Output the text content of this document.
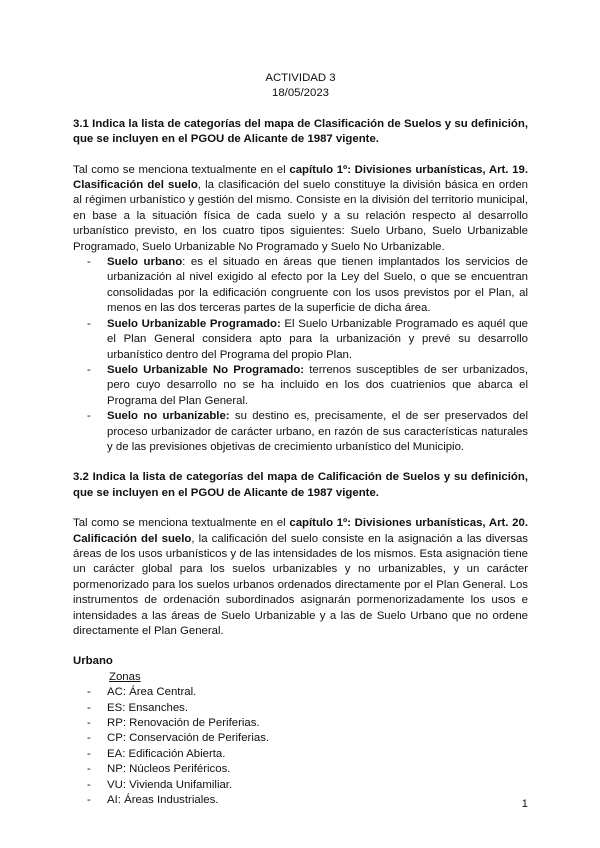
ACTIVIDAD 3
18/05/2023

3.1 Indica la lista de categorías del mapa de Clasificación de Suelos y su definición, que se incluyen en el PGOU de Alicante de 1987 vigente.

Tal como se menciona textualmente en el capítulo 1º: Divisiones urbanísticas, Art. 19. Clasificación del suelo, la clasificación del suelo constituye la división básica en orden al régimen urbanístico y gestión del mismo. Consiste en la división del territorio municipal, en base a la situación física de cada suelo y a su relación respecto al desarrollo urbanístico previsto, en los cuatro tipos siguientes: Suelo Urbano, Suelo Urbanizable Programado, Suelo Urbanizable No Programado y Suelo No Urbanizable.

- Suelo urbano: es el situado en áreas que tienen implantados los servicios de urbanización al nivel exigido al efecto por la Ley del Suelo, o que se encuentran consolidadas por la edificación congruente con los usos previstos por el Plan, al menos en las dos terceras partes de la superficie de dicha área.
- Suelo Urbanizable Programado: El Suelo Urbanizable Programado es aquél que el Plan General considera apto para la urbanización y prevé su desarrollo urbanístico dentro del Programa del propio Plan.
- Suelo Urbanizable No Programado: terrenos susceptibles de ser urbanizados, pero cuyo desarrollo no se ha incluido en los dos cuatrienios que abarca el Programa del Plan General.
- Suelo no urbanizable: su destino es, precisamente, el de ser preservados del proceso urbanizador de carácter urbano, en razón de sus características naturales y de las previsiones objetivas de crecimiento urbanístico del Municipio.

3.2 Indica la lista de categorías del mapa de Calificación de Suelos y su definición, que se incluyen en el PGOU de Alicante de 1987 vigente.

Tal como se menciona textualmente en el capítulo 1º: Divisiones urbanísticas, Art. 20. Calificación del suelo, la calificación del suelo consiste en la asignación a las diversas áreas de los usos urbanísticos y de las intensidades de los mismos. Esta asignación tiene un carácter global para los suelos urbanizables y no urbanizables, y un carácter pormenorizado para los suelos urbanos ordenados directamente por el Plan General. Los instrumentos de ordenación subordinados asignarán pormenorizadamente los usos e intensidades a las áreas de Suelo Urbanizable y a las de Suelo Urbano que no ordene directamente el Plan General.

Urbano
Zonas
- AC: Área Central.
- ES: Ensanches.
- RP: Renovación de Periferias.
- CP: Conservación de Periferias.
- EA: Edificación Abierta.
- NP: Núcleos Periféricos.
- VU: Vivienda Unifamiliar.
- AI: Áreas Industriales.	1
